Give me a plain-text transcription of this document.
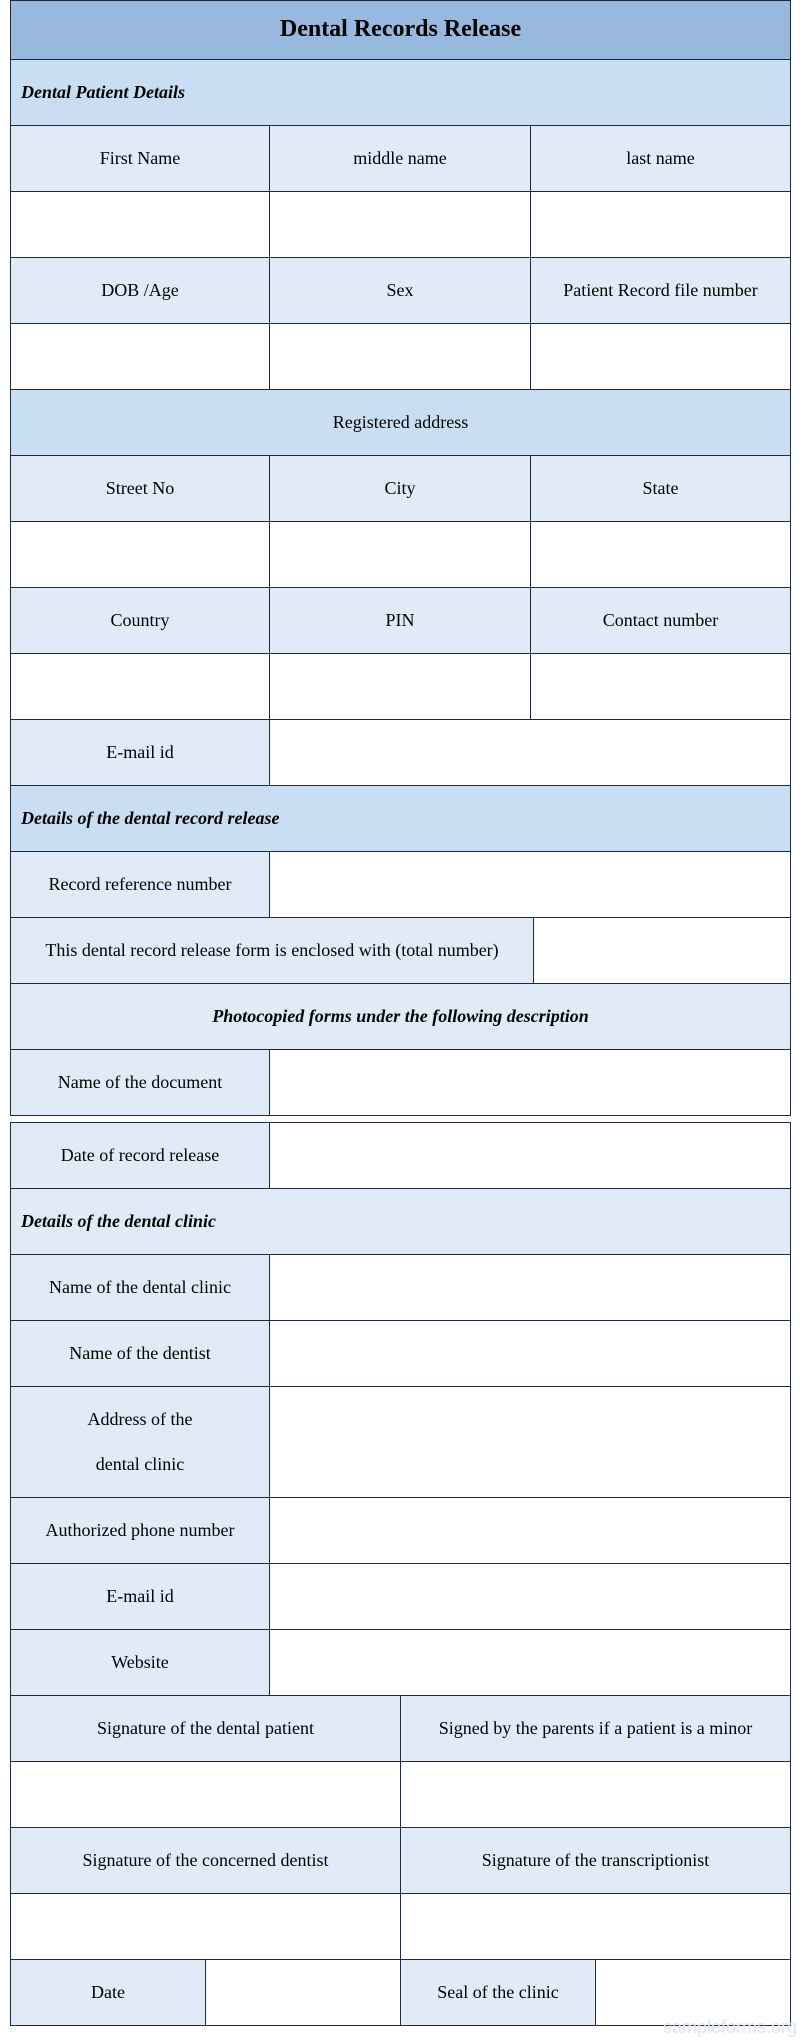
Dental Records Release
Dental Patient Details
First Name	middle name	last name
DOB /Age	Sex	Patient Record file number
Registered address
Street No	City	State
Country	PIN	Contact number
E-mail id
Details of the dental record release
Record reference number
This dental record release form is enclosed with (total number)
Photocopied forms under the following description
Name of the document
Date of record release
Details of the dental clinic
Name of the dental clinic
Name of the dentist
Address of the
dental clinic
Authorized phone number
E-mail id
Website
Signature of the dental patient	Signed by the parents if a patient is a minor
Signature of the concerned dentist	Signature of the transcriptionist
Date	Seal of the clinic
sampleforms.org
